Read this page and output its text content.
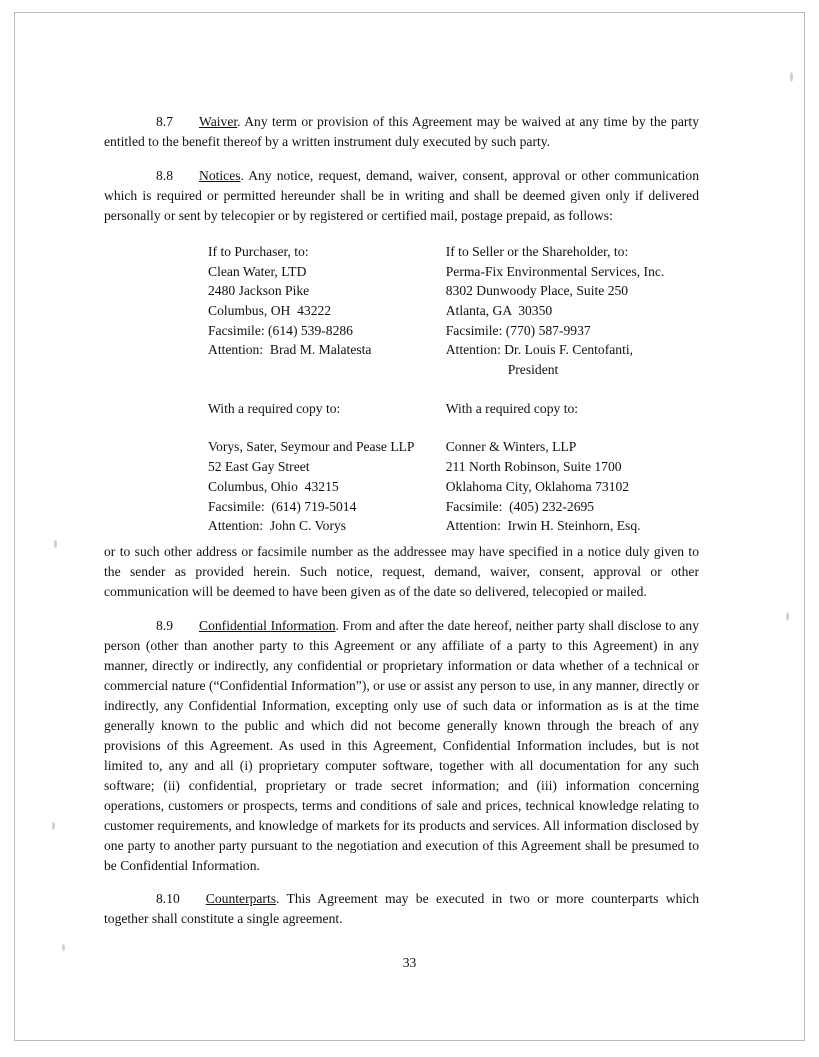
8.7 Waiver. Any term or provision of this Agreement may be waived at any time by the party entitled to the benefit thereof by a written instrument duly executed by such party.

8.8 Notices. Any notice, request, demand, waiver, consent, approval or other communication which is required or permitted hereunder shall be in writing and shall be deemed given only if delivered personally or sent by telecopier or by registered or certified mail, postage prepaid, as follows:

If to Purchaser, to:
Clean Water, LTD
2480 Jackson Pike
Columbus, OH  43222
Facsimile: (614) 539-8286
Attention:  Brad M. Malatesta
If to Seller or the Shareholder, to:
Perma-Fix Environmental Services, Inc.
8302 Dunwoody Place, Suite 250
Atlanta, GA  30350
Facsimile: (770) 587-9937
Attention: Dr. Louis F. Centofanti,
President
With a required copy to:	With a required copy to:
Vorys, Sater, Seymour and Pease LLP
52 East Gay Street
Columbus, Ohio  43215
Facsimile:  (614) 719-5014
Attention:  John C. Vorys
Conner & Winters, LLP
211 North Robinson, Suite 1700
Oklahoma City, Oklahoma 73102
Facsimile:  (405) 232-2695
Attention:  Irwin H. Steinhorn, Esq.

or to such other address or facsimile number as the addressee may have specified in a notice duly given to the sender as provided herein. Such notice, request, demand, waiver, consent, approval or other communication will be deemed to have been given as of the date so delivered, telecopied or mailed.

8.9 Confidential Information. From and after the date hereof, neither party shall disclose to any person (other than another party to this Agreement or any affiliate of a party to this Agreement) in any manner, directly or indirectly, any confidential or proprietary information or data whether of a technical or commercial nature (“Confidential Information”), or use or assist any person to use, in any manner, directly or indirectly, any Confidential Information, excepting only use of such data or information as is at the time generally known to the public and which did not become generally known through the breach of any provisions of this Agreement. As used in this Agreement, Confidential Information includes, but is not limited to, any and all (i) proprietary computer software, together with all documentation for any such software; (ii) confidential, proprietary or trade secret information; and (iii) information concerning operations, customers or prospects, terms and conditions of sale and prices, technical knowledge relating to customer requirements, and knowledge of markets for its products and services. All information disclosed by one party to another party pursuant to the negotiation and execution of this Agreement shall be presumed to be Confidential Information.

8.10 Counterparts. This Agreement may be executed in two or more counterparts which together shall constitute a single agreement.

33
